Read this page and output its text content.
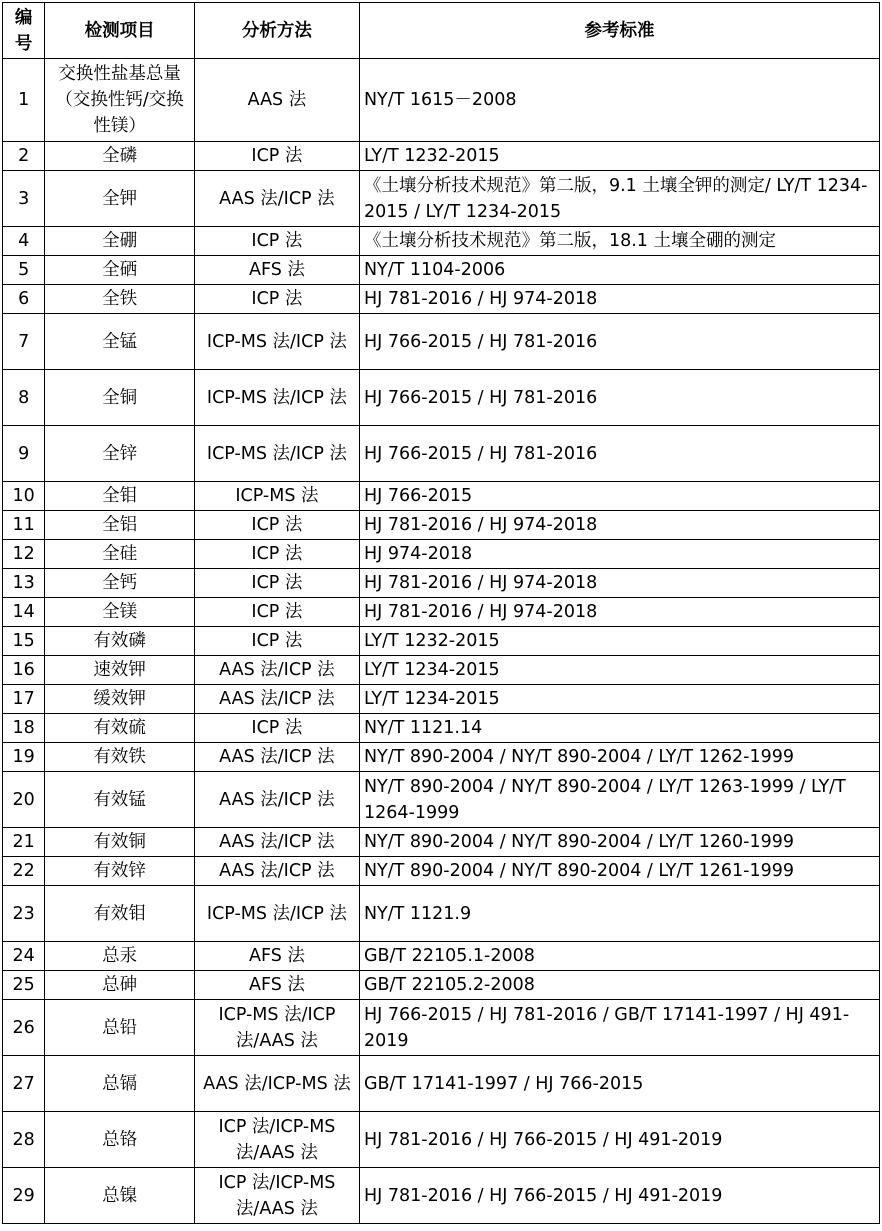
编号	检测项目	分析方法	参考标准
1	交换性盐基总量（交换性钙/交换性镁）	AAS 法	NY/T 1615－2008
2	全磷	ICP 法	LY/T 1232-2015
3	全钾	AAS 法/ICP 法	《土壤分析技术规范》第二版，9.1 土壤全钾的测定/ LY/T 1234-2015 / LY/T 1234-2015
4	全硼	ICP 法	《土壤分析技术规范》第二版，18.1 土壤全硼的测定
5	全硒	AFS 法	NY/T 1104-2006
6	全铁	ICP 法	HJ 781-2016 / HJ 974-2018
7	全锰	ICP-MS 法/ICP 法	HJ 766-2015 / HJ 781-2016
8	全铜	ICP-MS 法/ICP 法	HJ 766-2015 / HJ 781-2016
9	全锌	ICP-MS 法/ICP 法	HJ 766-2015 / HJ 781-2016
10	全钼	ICP-MS 法	HJ 766-2015
11	全铝	ICP 法	HJ 781-2016 / HJ 974-2018
12	全硅	ICP 法	HJ 974-2018
13	全钙	ICP 法	HJ 781-2016 / HJ 974-2018
14	全镁	ICP 法	HJ 781-2016 / HJ 974-2018
15	有效磷	ICP 法	LY/T 1232-2015
16	速效钾	AAS 法/ICP 法	LY/T 1234-2015
17	缓效钾	AAS 法/ICP 法	LY/T 1234-2015
18	有效硫	ICP 法	NY/T 1121.14
19	有效铁	AAS 法/ICP 法	NY/T 890-2004 / NY/T 890-2004 / LY/T 1262-1999
20	有效锰	AAS 法/ICP 法	NY/T 890-2004 / NY/T 890-2004 / LY/T 1263-1999 / LY/T 1264-1999
21	有效铜	AAS 法/ICP 法	NY/T 890-2004 / NY/T 890-2004 / LY/T 1260-1999
22	有效锌	AAS 法/ICP 法	NY/T 890-2004 / NY/T 890-2004 / LY/T 1261-1999
23	有效钼	ICP-MS 法/ICP 法	NY/T 1121.9
24	总汞	AFS 法	GB/T 22105.1-2008
25	总砷	AFS 法	GB/T 22105.2-2008
26	总铅	ICP-MS 法/ICP 法/AAS 法	HJ 766-2015 / HJ 781-2016 / GB/T 17141-1997 / HJ 491-2019
27	总镉	AAS 法/ICP-MS 法	GB/T 17141-1997 / HJ 766-2015
28	总铬	ICP 法/ICP-MS 法/AAS 法	HJ 781-2016 / HJ 766-2015 / HJ 491-2019
29	总镍	ICP 法/ICP-MS 法/AAS 法	HJ 781-2016 / HJ 766-2015 / HJ 491-2019
